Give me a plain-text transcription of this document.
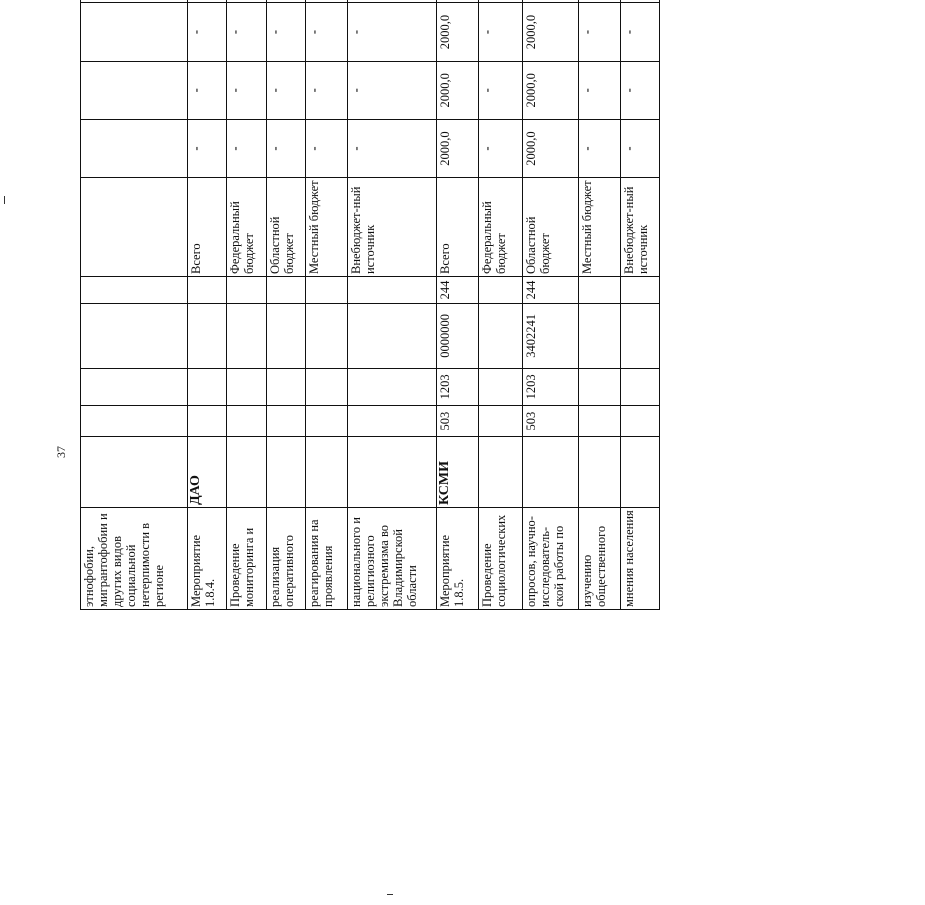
37
этнофобии, мигрантофобии и других видов социальной нетерпимости в регионе													
Мероприятие 1.8.4.	ДАО					Всего	-	-	-				
Проведение мониторинга и						Федеральный бюджет	-	-	-				
реализация оперативного						Областной бюджет	-	-	-				
реагирования на проявления						Местный бюджет	-	-	-				
национального и религиозного экстремизма во Владимирской области						Внебюджет-ный источник	-	-	-				
Мероприятие 1.8.5.	КСМИ	503	1203	0000000	244	Всего	2000,0	2000,0	2000,0				
Проведение социологических						Федеральный бюджет	-	-	-				
опросов, научно-исследователь-ской работы по		503	1203	3402241	244	Областной бюджет	2000,0	2000,0	2000,0				
изучению общественного						Местный бюджет	-	-	-				
мнения населения						Внебюджет-ный источник	-	-	-				
